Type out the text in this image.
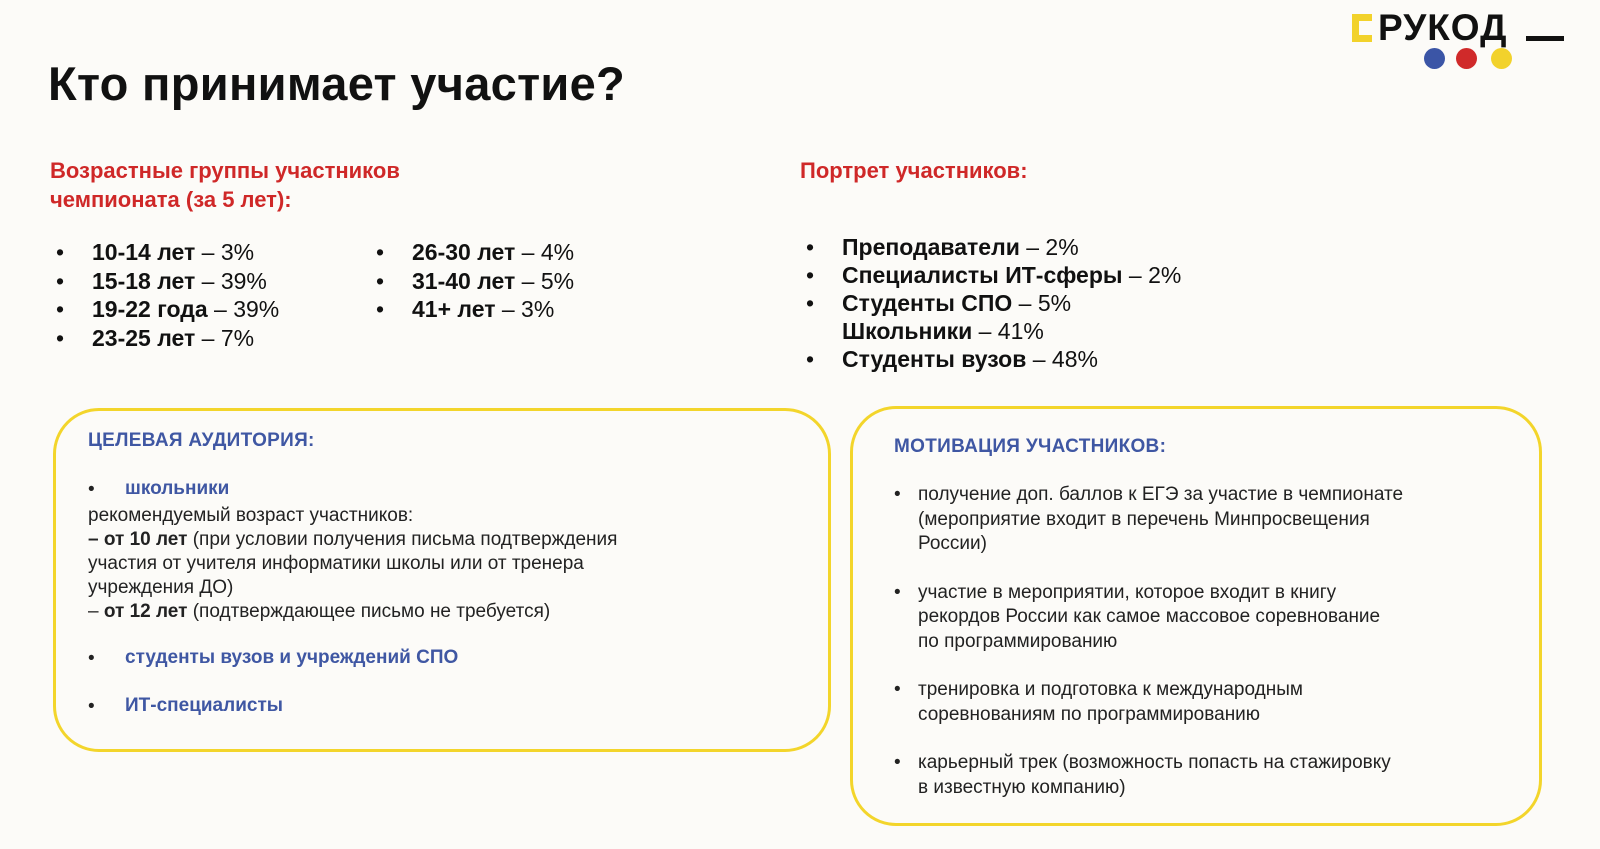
РУКОД
Кто принимает участие?

Возрастные группы участников

чемпионата (за 5 лет):

• 10-14 лет – 3%
• 15-18 лет – 39%
• 19-22 года – 39%
• 23-25 лет – 7%
• 26-30 лет – 4%
• 31-40 лет – 5%
• 41+ лет – 3%

Портрет участников:

• Преподаватели – 2%
• Специалисты ИТ-сферы – 2%
• Студенты СПО – 5%
Школьники – 41%
• Студенты вузов – 48%

ЦЕЛЕВАЯ АУДИТОРИЯ:

• школьники
рекомендуемый возраст участников:
– от 10 лет (при условии получения письма подтверждения
участия от учителя информатики школы или от тренера
учреждения ДО)
– от 12 лет (подтверждающее письмо не требуется)
• студенты вузов и учреждений СПО
• ИТ-специалисты

МОТИВАЦИЯ УЧАСТНИКОВ:

• получение доп. баллов к ЕГЭ за участие в чемпионате
(мероприятие входит в перечень Минпросвещения
России)
• участие в мероприятии, которое входит в книгу
рекордов России как самое массовое соревнование
по программированию
• тренировка и подготовка к международным
соревнованиям по программированию
• карьерный трек (возможность попасть на стажировку
в известную компанию)
